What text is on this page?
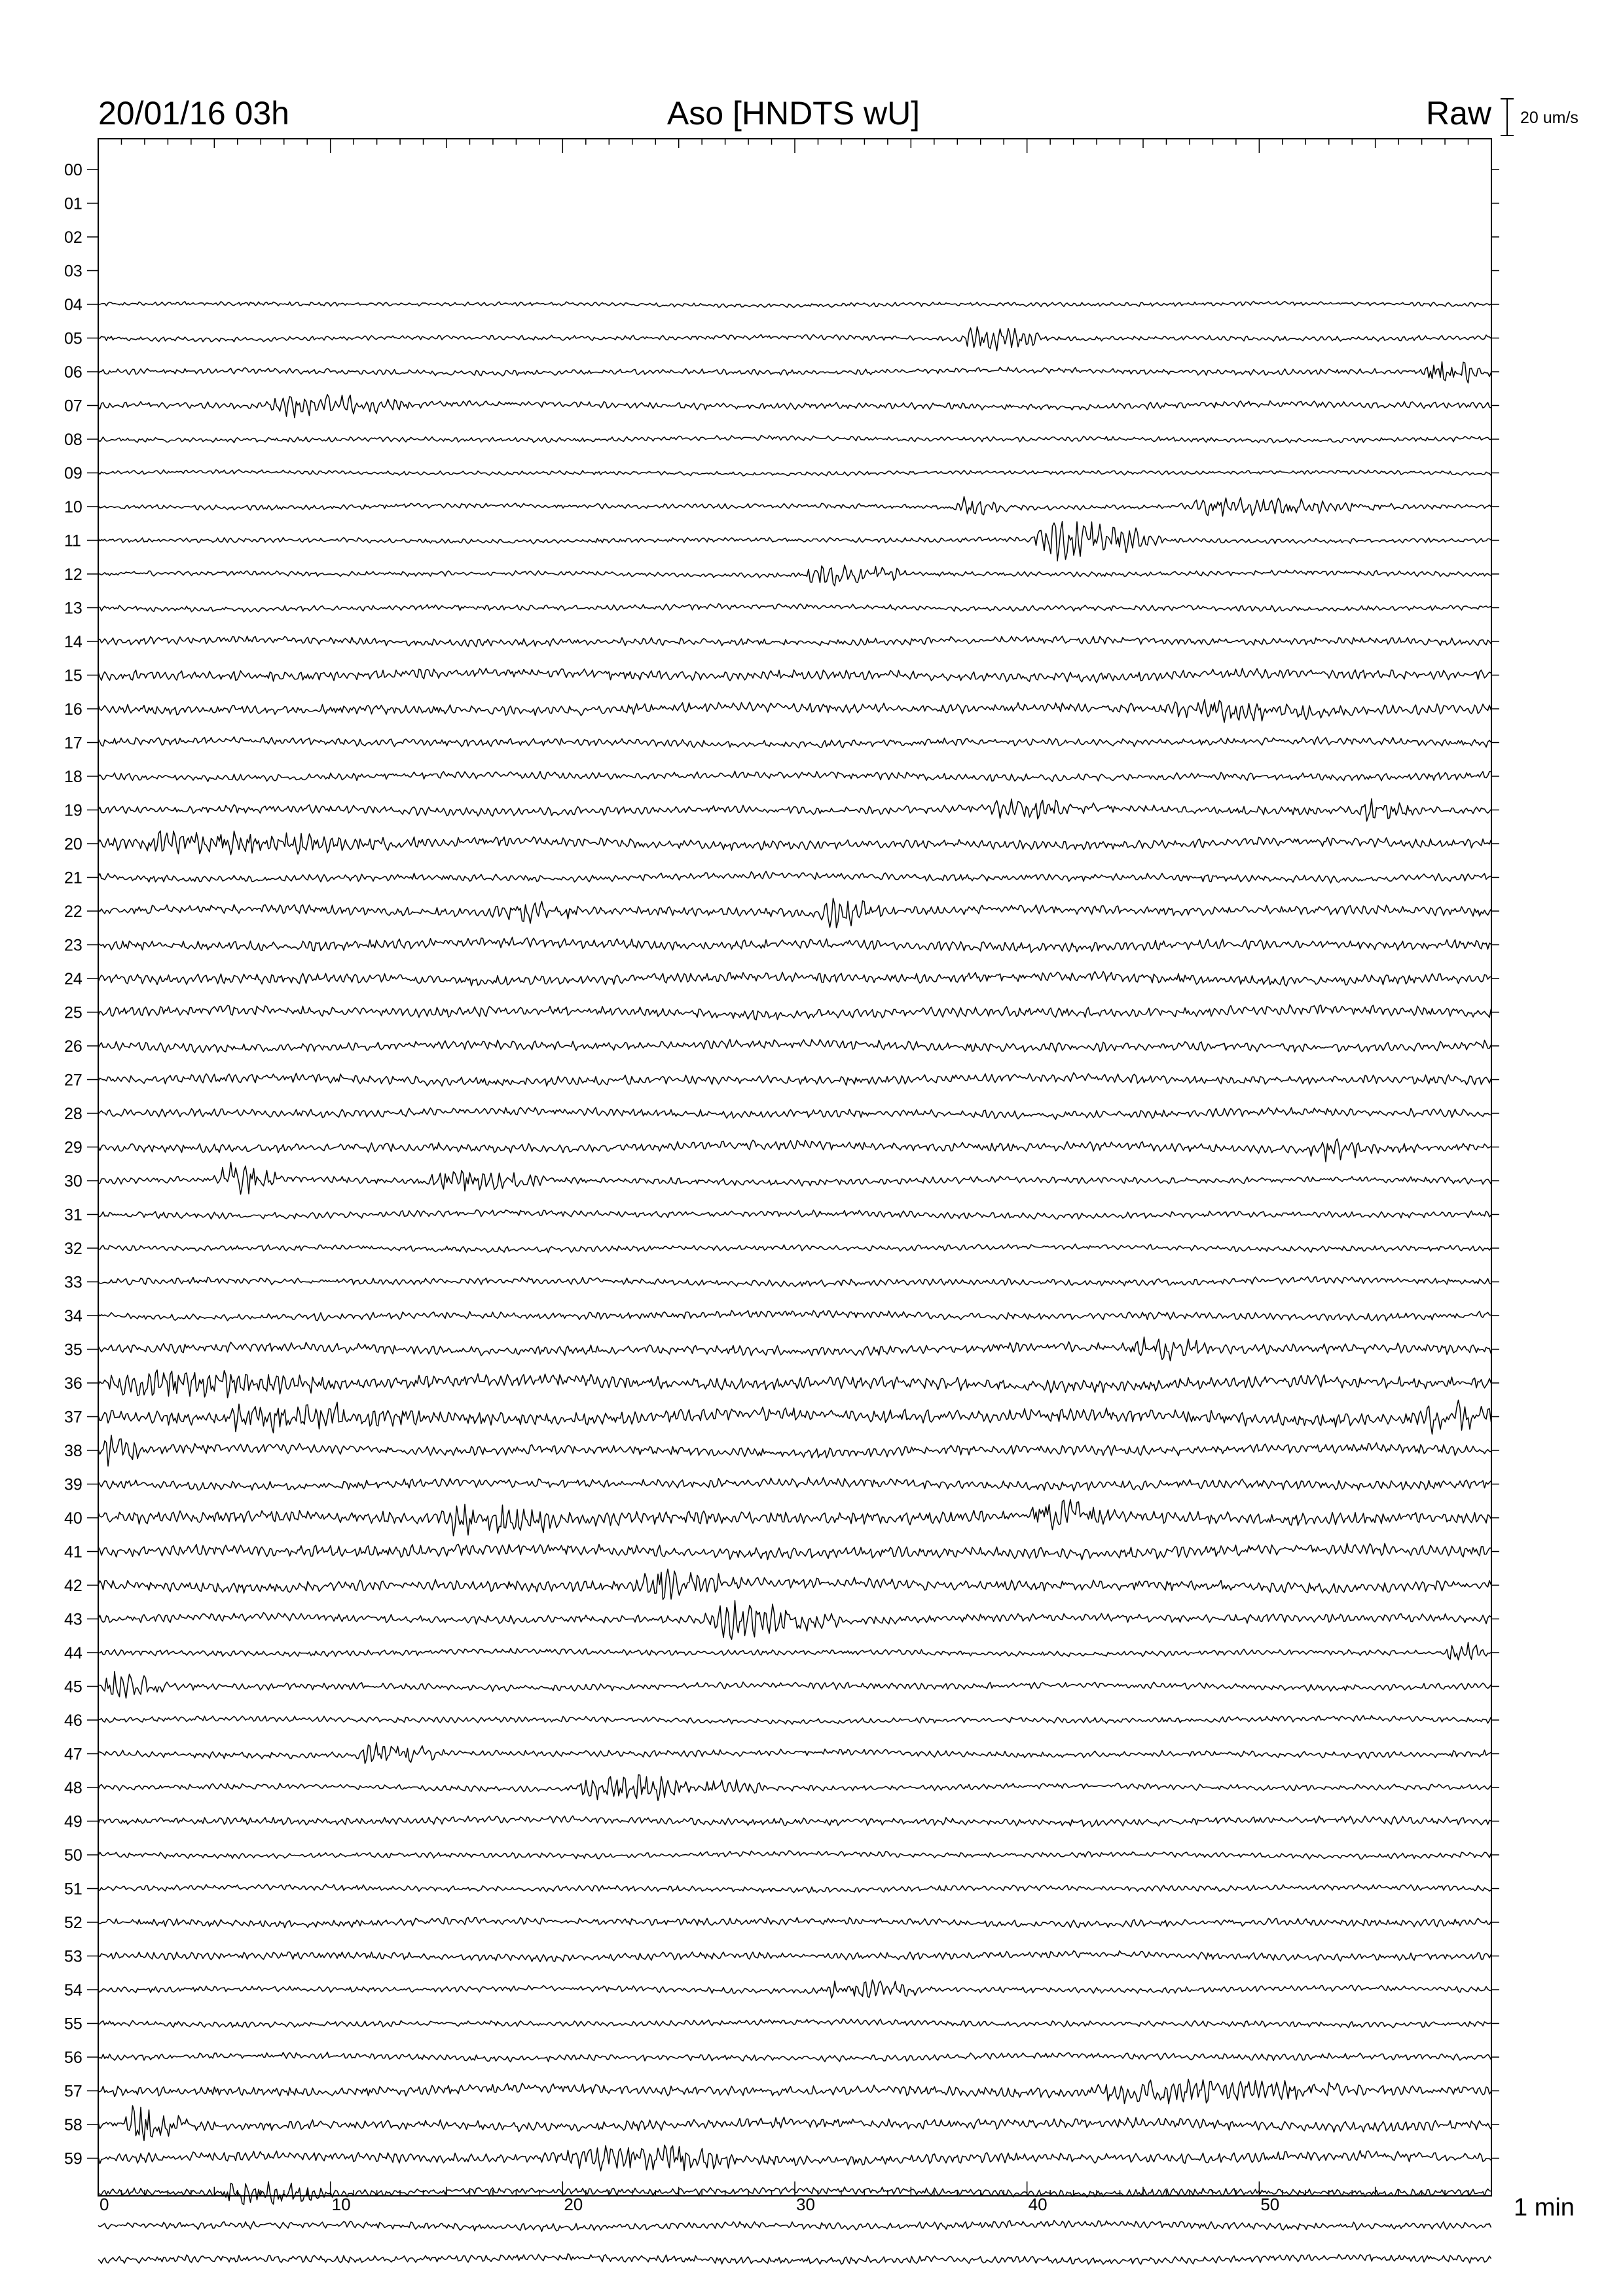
20/01/16 03h	Aso [HNDTS wU]	Raw 20 um/s
0	10	20	30	40	50
00
01
02
03
04
05
06
07
08
09
10
11
12
13
14
15
16
17
18
19
20
21
22
23
24
25
26
27
28
29
30
31
32
33
34
35
36
37
38
39
40
41
42
43
44
45
46
47
48
49
50
51
52
53
54
55
56
57
58
59
1 min
